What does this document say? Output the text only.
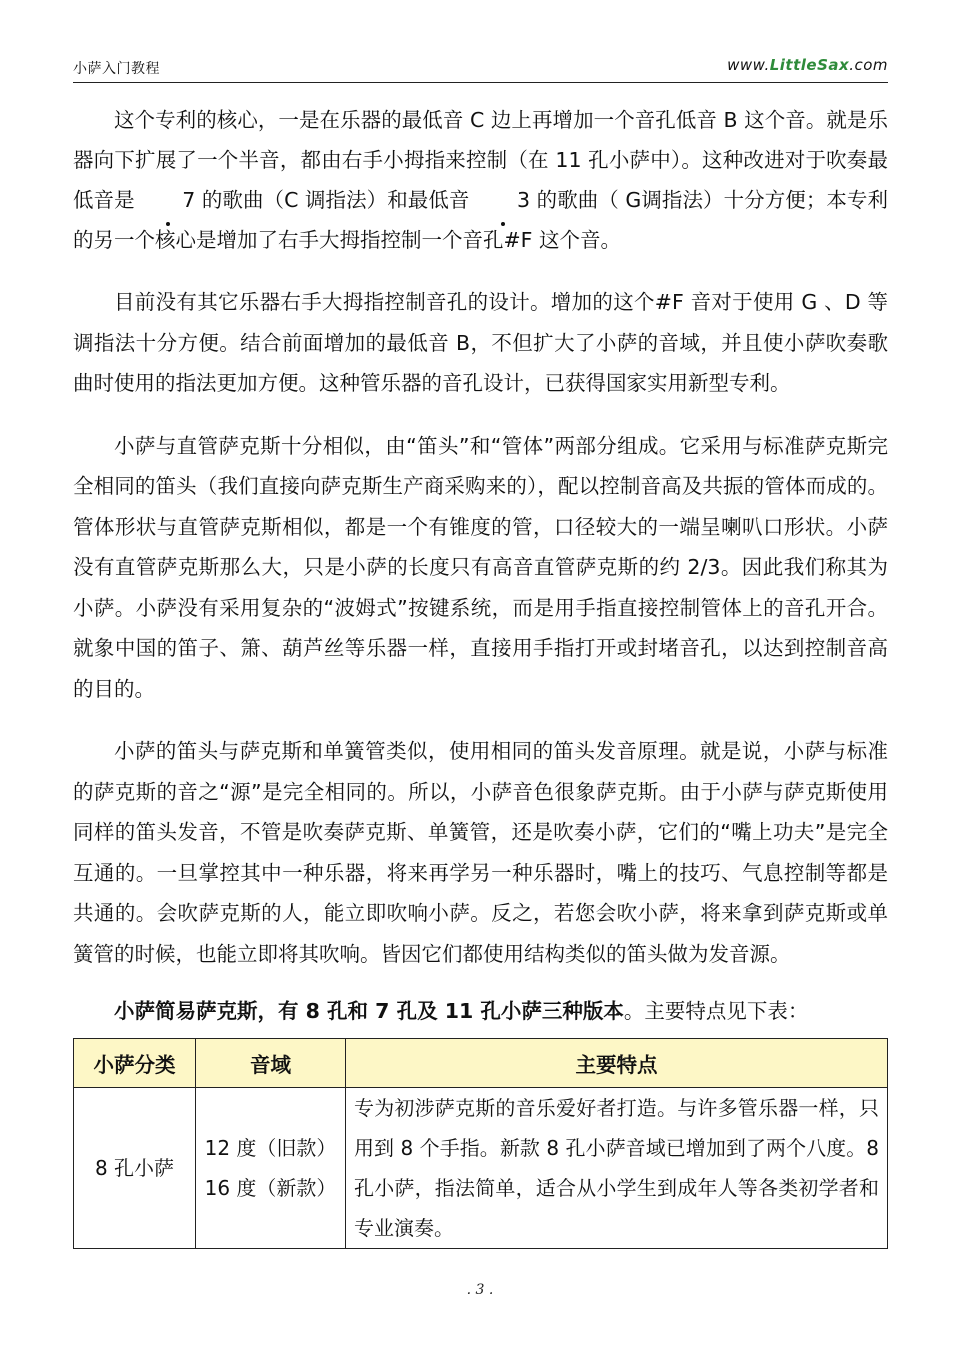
小萨入门教程	www.LittleSax.com

这个专利的核心，一是在乐器的最低音 C 边上再增加一个音孔低音 B 这个音。就是乐器向下扩展了一个半音，都由右手小拇指来控制（在 11 孔小萨中）。这种改进对于吹奏最低音是 7 的歌曲（C 调指法）和最低音 3 的歌曲（ G调指法）十分方便；本专利的另一个核心是增加了右手大拇指控制一个音孔#F 这个音。

目前没有其它乐器右手大拇指控制音孔的设计。增加的这个#F 音对于使用 G 、D 等调指法十分方便。结合前面增加的最低音 B，不但扩大了小萨的音域，并且使小萨吹奏歌曲时使用的指法更加方便。这种管乐器的音孔设计，已获得国家实用新型专利。

小萨与直管萨克斯十分相似，由“笛头”和“管体”两部分组成。它采用与标准萨克斯完全相同的笛头（我们直接向萨克斯生产商采购来的），配以控制音高及共振的管体而成的。管体形状与直管萨克斯相似，都是一个有锥度的管，口径较大的一端呈喇叭口形状。小萨没有直管萨克斯那么大，只是小萨的长度只有高音直管萨克斯的约 2/3。因此我们称其为小萨。小萨没有采用复杂的“波姆式”按键系统，而是用手指直接控制管体上的音孔开合。就象中国的笛子、箫、葫芦丝等乐器一样，直接用手指打开或封堵音孔，以达到控制音高的目的。

小萨的笛头与萨克斯和单簧管类似，使用相同的笛头发音原理。就是说，小萨与标准的萨克斯的音之“源”是完全相同的。所以，小萨音色很象萨克斯。由于小萨与萨克斯使用同样的笛头发音，不管是吹奏萨克斯、单簧管，还是吹奏小萨，它们的“嘴上功夫”是完全互通的。一旦掌控其中一种乐器，将来再学另一种乐器时，嘴上的技巧、气息控制等都是共通的。会吹萨克斯的人，能立即吹响小萨。反之，若您会吹小萨，将来拿到萨克斯或单簧管的时候，也能立即将其吹响。皆因它们都使用结构类似的笛头做为发音源。

小萨简易萨克斯，有 8 孔和 7 孔及 11 孔小萨三种版本。主要特点见下表：

小萨分类	音域	主要特点
8 孔小萨	12 度（旧款）16 度（新款）	专为初涉萨克斯的音乐爱好者打造。与许多管乐器一样，只用到 8 个手指。新款 8 孔小萨音域已增加到了两个八度。8 孔小萨，指法简单，适合从小学生到成年人等各类初学者和专业演奏。
. 3 .
